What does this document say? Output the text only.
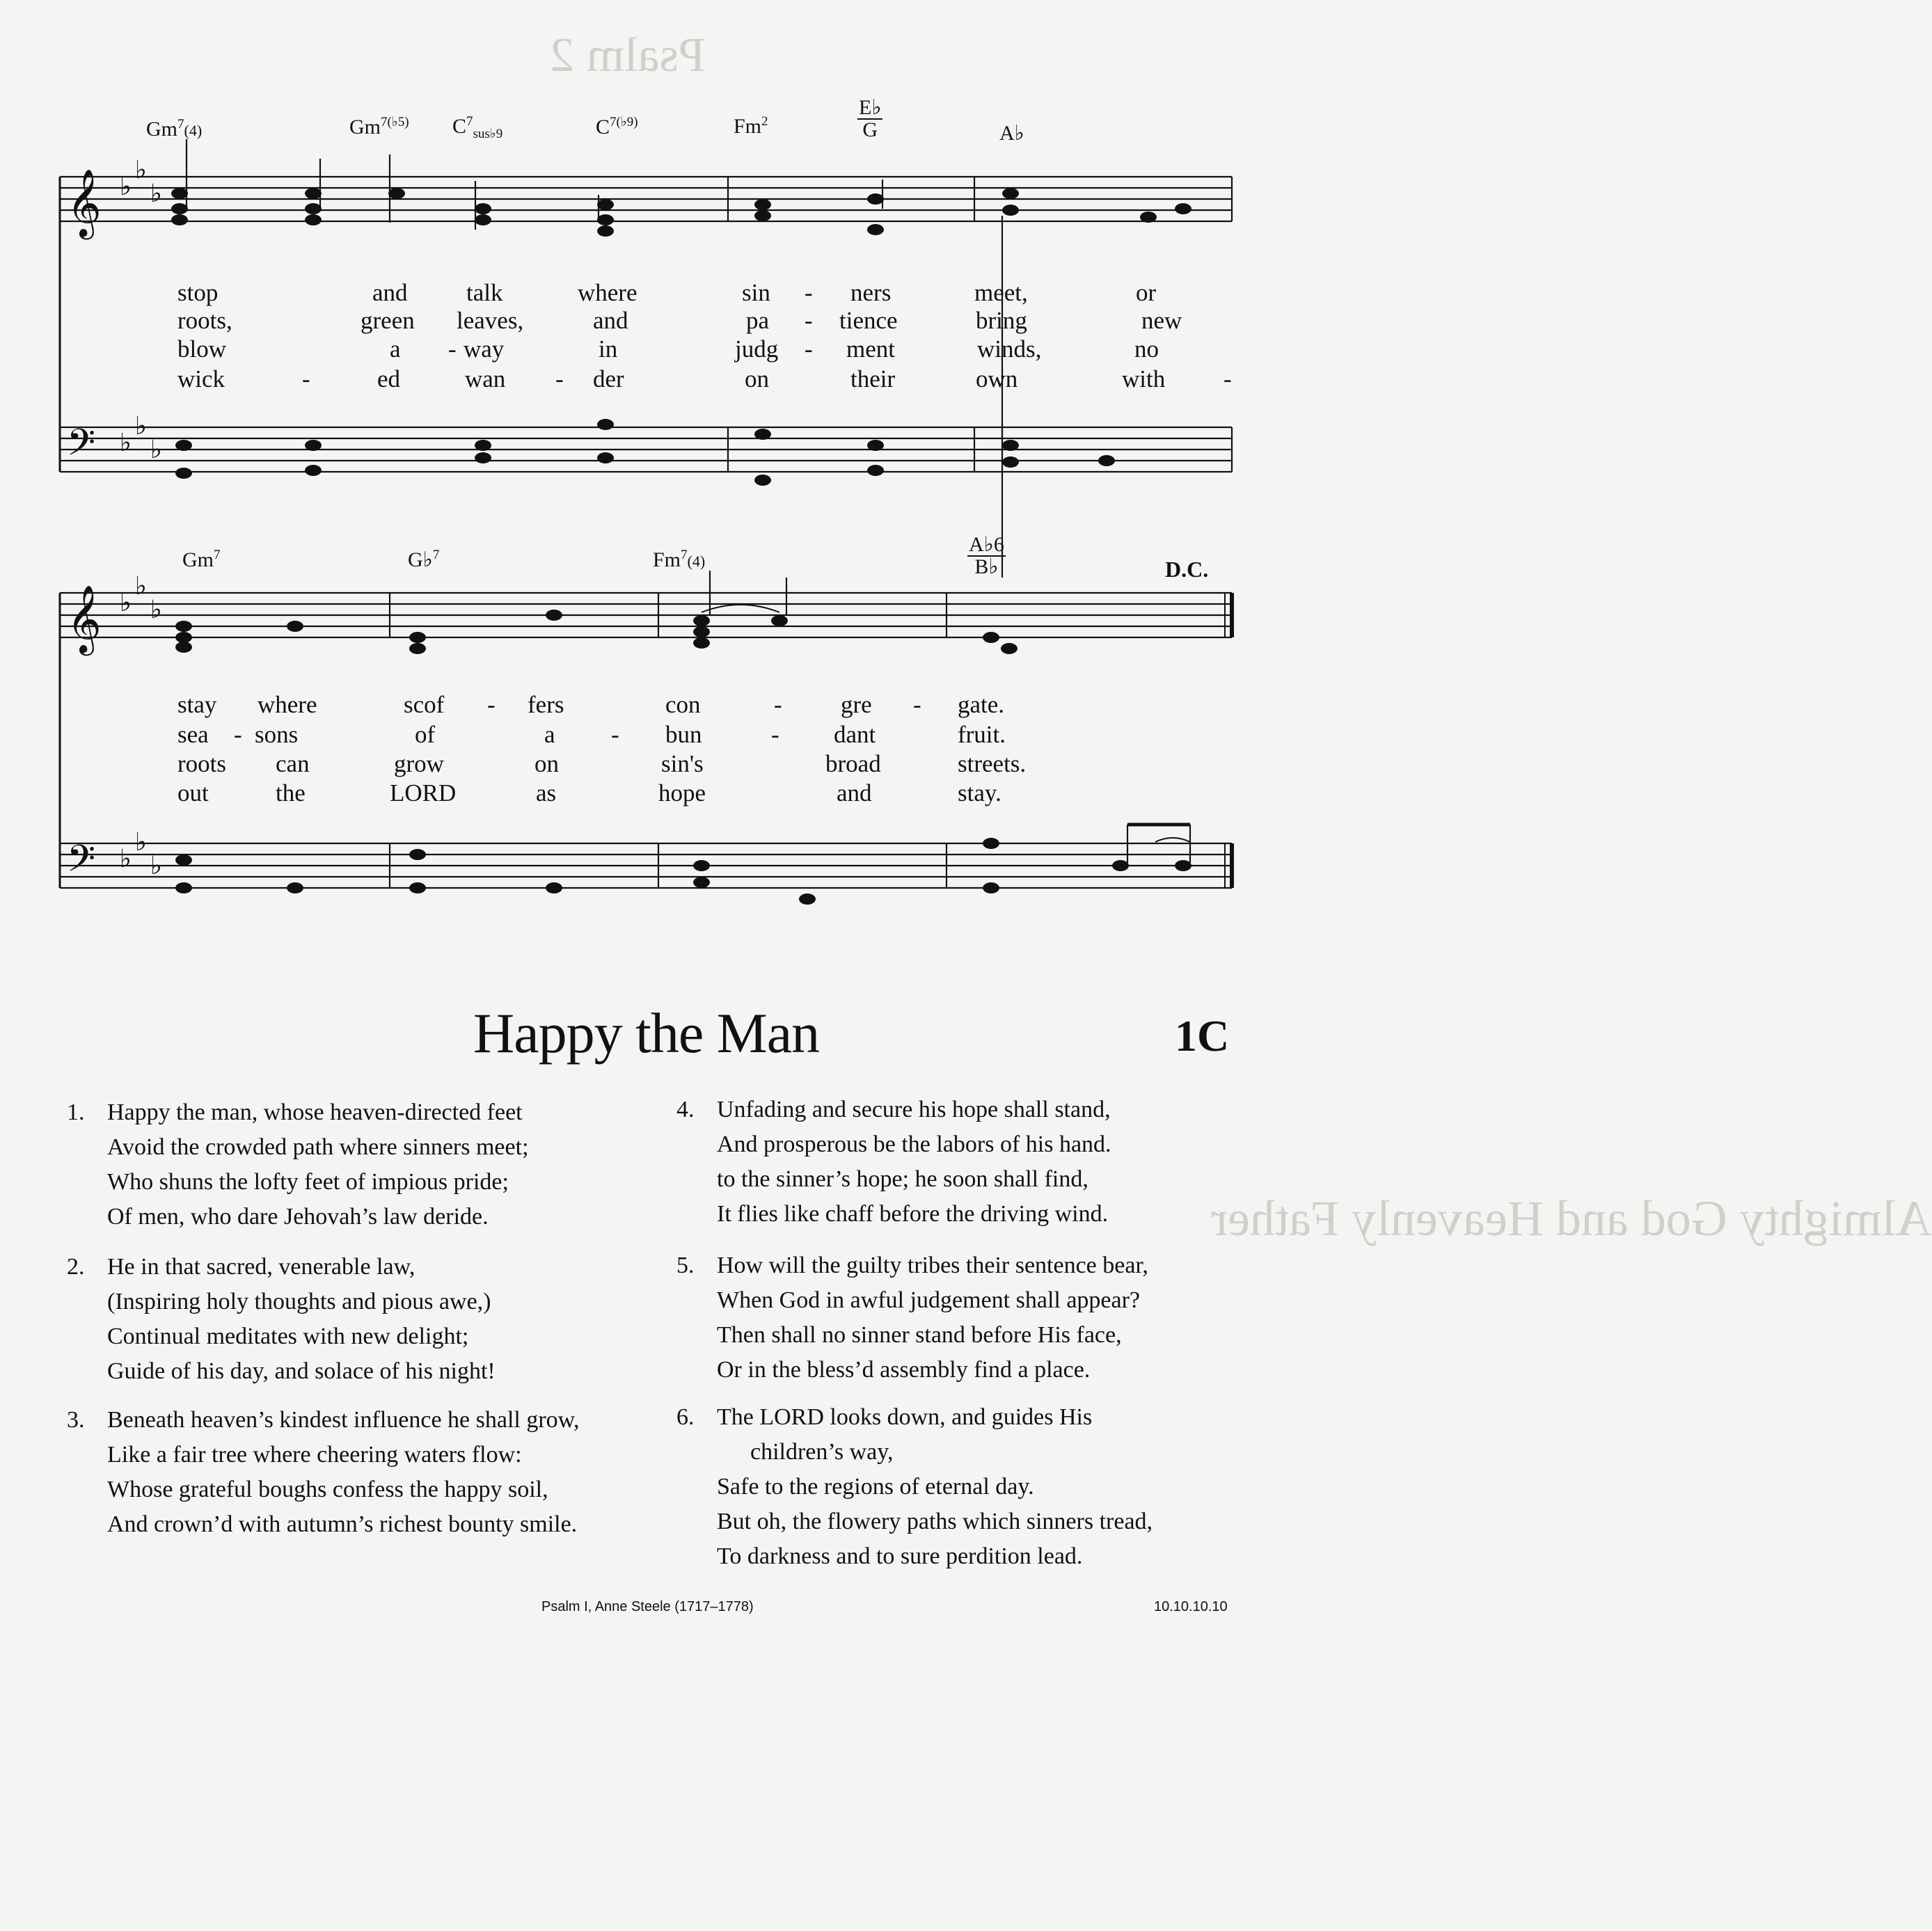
Psalm 2
Almighty God and Heavenly Father
𝄞
𝄢
𝄞
𝄢
♭
♭
♭
♭
♭
♭
♭
♭
♭
♭
♭
♭
Gm$^7$(4)	$Gm^{7(♭5)}$ $C^7_{sus♭9}$	$C^{7(♭9)}$	Fm$^2$	$\frac{E♭}{G}$	A♭
stop	and talk	where	sin - ners	meet,	or
roots,	green leaves,	and	pa - tience	bring	new
blow	a - way	in	judg - ment	winds,	no
wick	-	ed	wan - der	on	their	own	with -
Gm$^7$	G♭$^7$	Fm$^7$(4)	$\frac{A♭6}{B♭}$	D.C.
stay where	scof - fers	con	- gre - gate.
sea - sons	of	a - bun	- dant	fruit.
roots can	grow	on	sin's	broad	streets.
out	the	LORD	as	hope	and	stay.
Happy the Man	1C
1. Happy the man, whose heaven-directed feet
Avoid the crowded path where sinners meet;
Who shuns the lofty feet of impious pride;
Of men, who dare Jehovah’s law deride.
2. He in that sacred, venerable law,
(Inspiring holy thoughts and pious awe,)
Continual meditates with new delight;
Guide of his day, and solace of his night!
3. Beneath heaven’s kindest influence he shall grow,
Like a fair tree where cheering waters flow:
Whose grateful boughs confess the happy soil,
And crown’d with autumn’s richest bounty smile.
4. Unfading and secure his hope shall stand,
And prosperous be the labors of his hand.
to the sinner’s hope; he soon shall find,
It flies like chaff before the driving wind.
5. How will the guilty tribes their sentence bear,
When God in awful judgement shall appear?
Then shall no sinner stand before His face,
Or in the bless’d assembly find a place.
6. The LORD looks down, and guides His
children’s way,
Safe to the regions of eternal day.
But oh, the flowery paths which sinners tread,
To darkness and to sure perdition lead.
Psalm I, Anne Steele (1717–1778)	10.10.10.10
